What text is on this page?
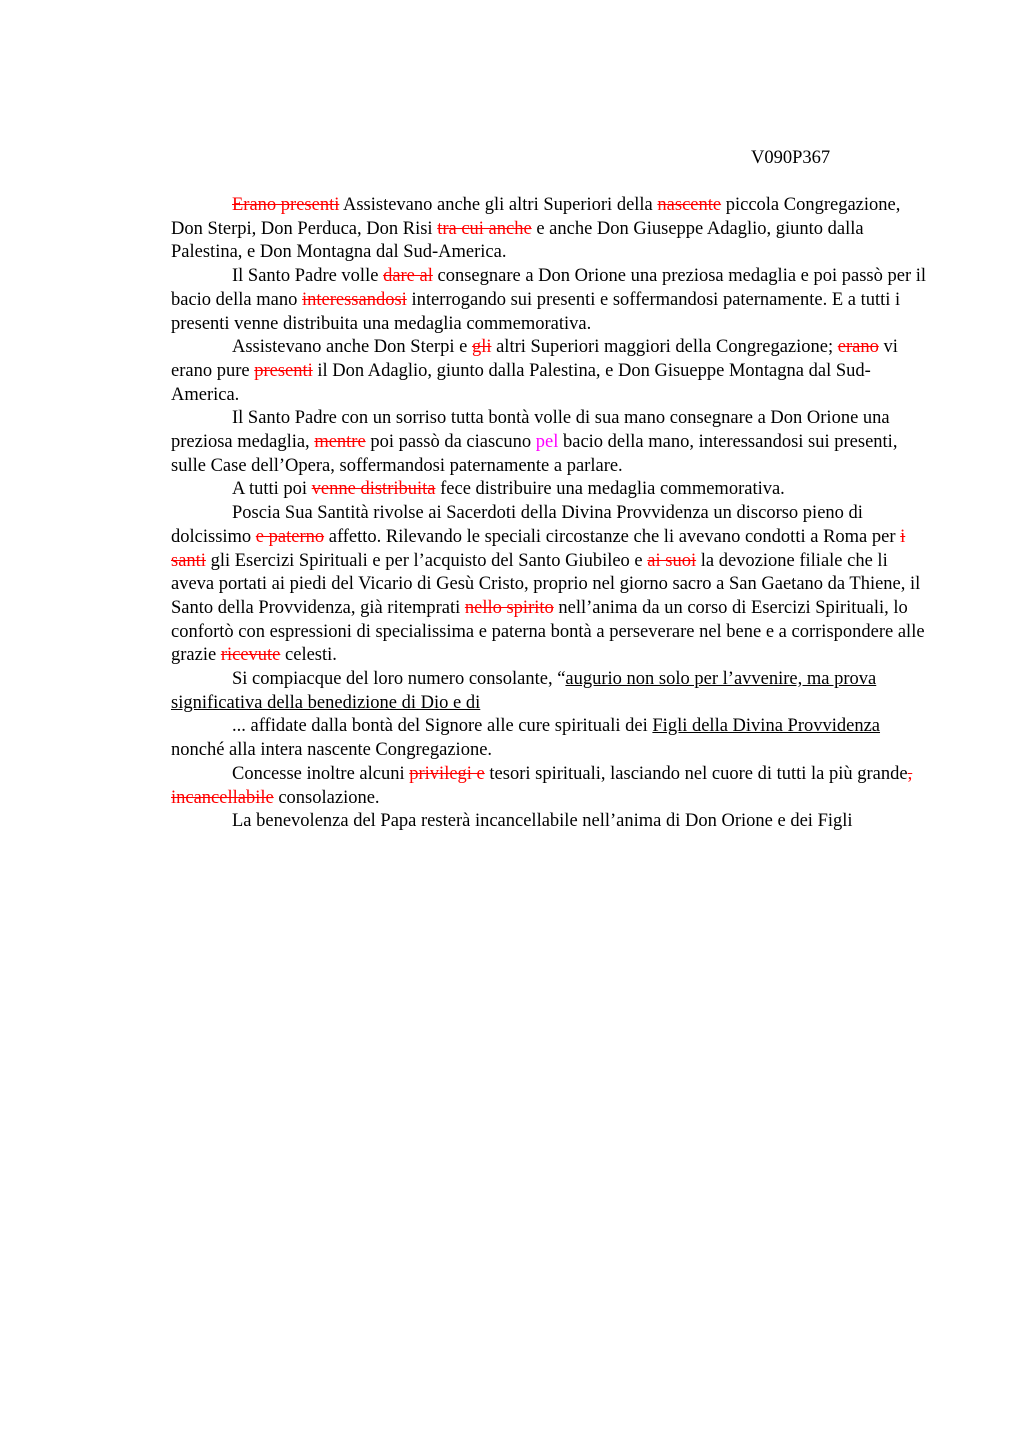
V090P367

Erano presenti Assistevano anche gli altri Superiori della nascente piccola Congregazione, Don Sterpi, Don Perduca, Don Risi tra cui anche e anche Don Giuseppe Adaglio, giunto dalla Palestina, e Don Montagna dal Sud-America.

Il Santo Padre volle dare al consegnare a Don Orione una preziosa medaglia e poi passò per il bacio della mano interessandosi interrogando sui presenti e soffermandosi paternamente. E a tutti i presenti venne distribuita una medaglia commemorativa.

Assistevano anche Don Sterpi e gli altri Superiori maggiori della Congregazione; erano vi erano pure presenti il Don Adaglio, giunto dalla Palestina, e Don Gisueppe Montagna dal Sud-America.

Il Santo Padre con un sorriso tutta bontà volle di sua mano consegnare a Don Orione una preziosa medaglia, mentre poi passò da ciascuno pel bacio della mano, interessandosi sui presenti, sulle Case dell’Opera, soffermandosi paternamente a parlare.

A tutti poi venne distribuita fece distribuire una medaglia commemorativa.

Poscia Sua Santità rivolse ai Sacerdoti della Divina Provvidenza un discorso pieno di dolcissimo e paterno affetto. Rilevando le speciali circostanze che li avevano condotti a Roma per i santi gli Esercizi Spirituali e per l’acquisto del Santo Giubileo e ai suoi la devozione filiale che li aveva portati ai piedi del Vicario di Gesù Cristo, proprio nel giorno sacro a San Gaetano da Thiene, il Santo della Provvidenza, già ritemprati nello spirito nell’anima da un corso di Esercizi Spirituali, lo confortò con espressioni di specialissima e paterna bontà a perseverare nel bene e a corrispondere alle grazie ricevute celesti.

Si compiacque del loro numero consolante, “augurio non solo per l’avvenire, ma prova significativa della benedizione di Dio e di

... affidate dalla bontà del Signore alle cure spirituali dei Figli della Divina Provvidenza nonché alla intera nascente Congregazione.

Concesse inoltre alcuni privilegi e tesori spirituali, lasciando nel cuore di tutti la più grande, incancellabile consolazione.

La benevolenza del Papa resterà incancellabile nell’anima di Don Orione e dei Figli
